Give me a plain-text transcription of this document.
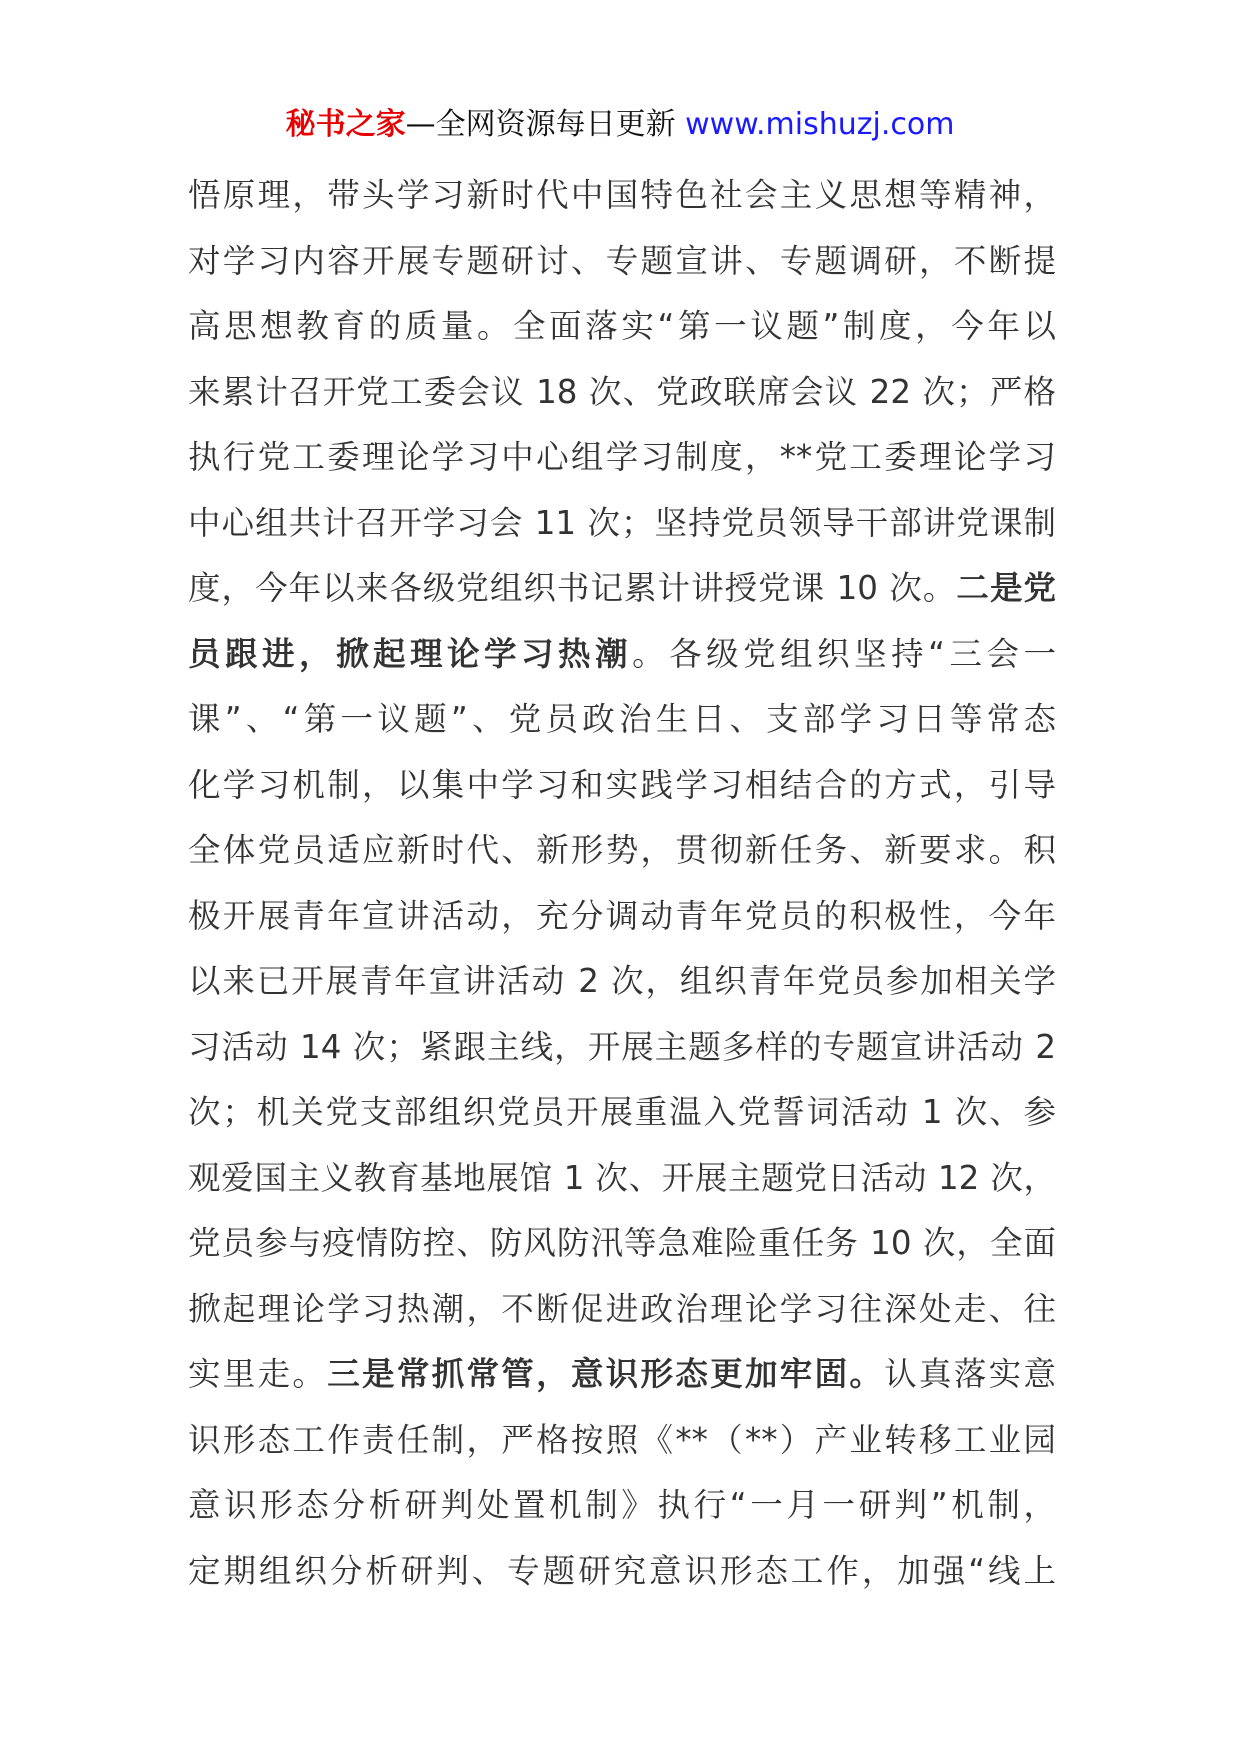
秘书之家—全网资源每日更新 www.mishuzj.com
悟原理，带头学习新时代中国特色社会主义思想等精神，
对学习内容开展专题研讨、专题宣讲、专题调研，不断提
高思想教育的质量。全面落实“第一议题”制度，今年以
来累计召开党工委会议 18 次、党政联席会议 22 次；严格
执行党工委理论学习中心组学习制度，**党工委理论学习
中心组共计召开学习会 11 次；坚持党员领导干部讲党课制
度，今年以来各级党组织书记累计讲授党课 10 次。二是党
员跟进，掀起理论学习热潮。各级党组织坚持“三会一
课”、“第一议题”、党员政治生日、支部学习日等常态
化学习机制，以集中学习和实践学习相结合的方式，引导
全体党员适应新时代、新形势，贯彻新任务、新要求。积
极开展青年宣讲活动，充分调动青年党员的积极性，今年
以来已开展青年宣讲活动 2 次，组织青年党员参加相关学
习活动 14 次；紧跟主线，开展主题多样的专题宣讲活动 2
次；机关党支部组织党员开展重温入党誓词活动 1 次、参
观爱国主义教育基地展馆 1 次、开展主题党日活动 12 次，
党员参与疫情防控、防风防汛等急难险重任务 10 次，全面
掀起理论学习热潮，不断促进政治理论学习往深处走、往
实里走。三是常抓常管，意识形态更加牢固。认真落实意
识形态工作责任制，严格按照《**（**）产业转移工业园
意识形态分析研判处置机制》执行“一月一研判”机制，
定期组织分析研判、专题研究意识形态工作，加强“线上
